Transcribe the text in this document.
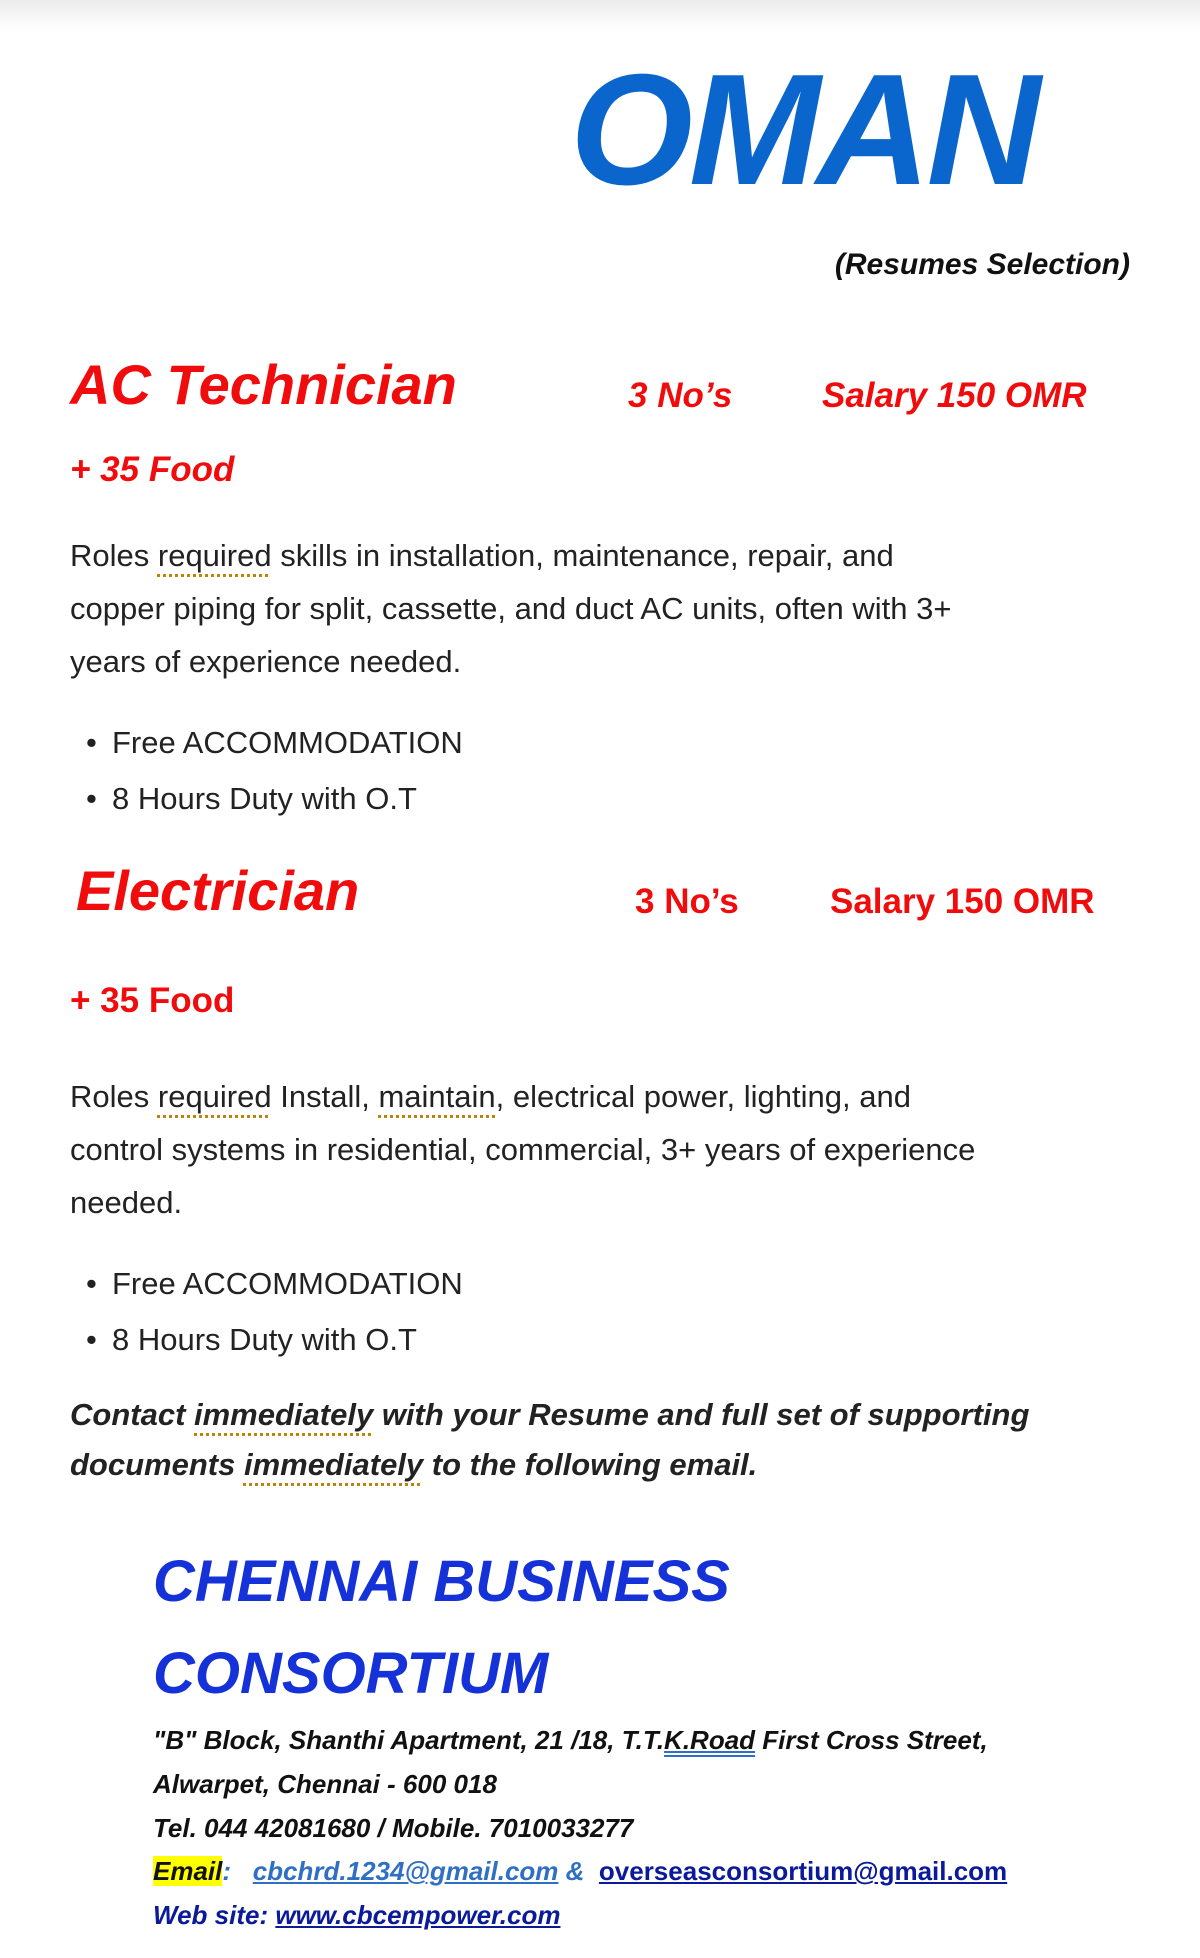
OMAN
(Resumes Selection)
AC Technician	3 No’s	Salary 150 OMR
+ 35 Food
Roles required skills in installation, maintenance, repair, and
copper piping for split, cassette, and duct AC units, often with 3+
years of experience needed.
• Free ACCOMMODATION
• 8 Hours Duty with O.T
Electrician	3 No’s	Salary 150 OMR
+ 35 Food
Roles required Install, maintain, electrical power, lighting, and
control systems in residential, commercial, 3+ years of experience
needed.
• Free ACCOMMODATION
• 8 Hours Duty with O.T
Contact immediately with your Resume and full set of supporting
documents immediately to the following email.
CHENNAI BUSINESS
CONSORTIUM
"B" Block, Shanthi Apartment, 21 /18, T.T.K.Road First Cross Street,
Alwarpet, Chennai - 600 018
Tel. 044 42081680 / Mobile. 7010033277
Email: cbchrd.1234@gmail.com & overseasconsortium@gmail.com
Web site: www.cbcempower.com
